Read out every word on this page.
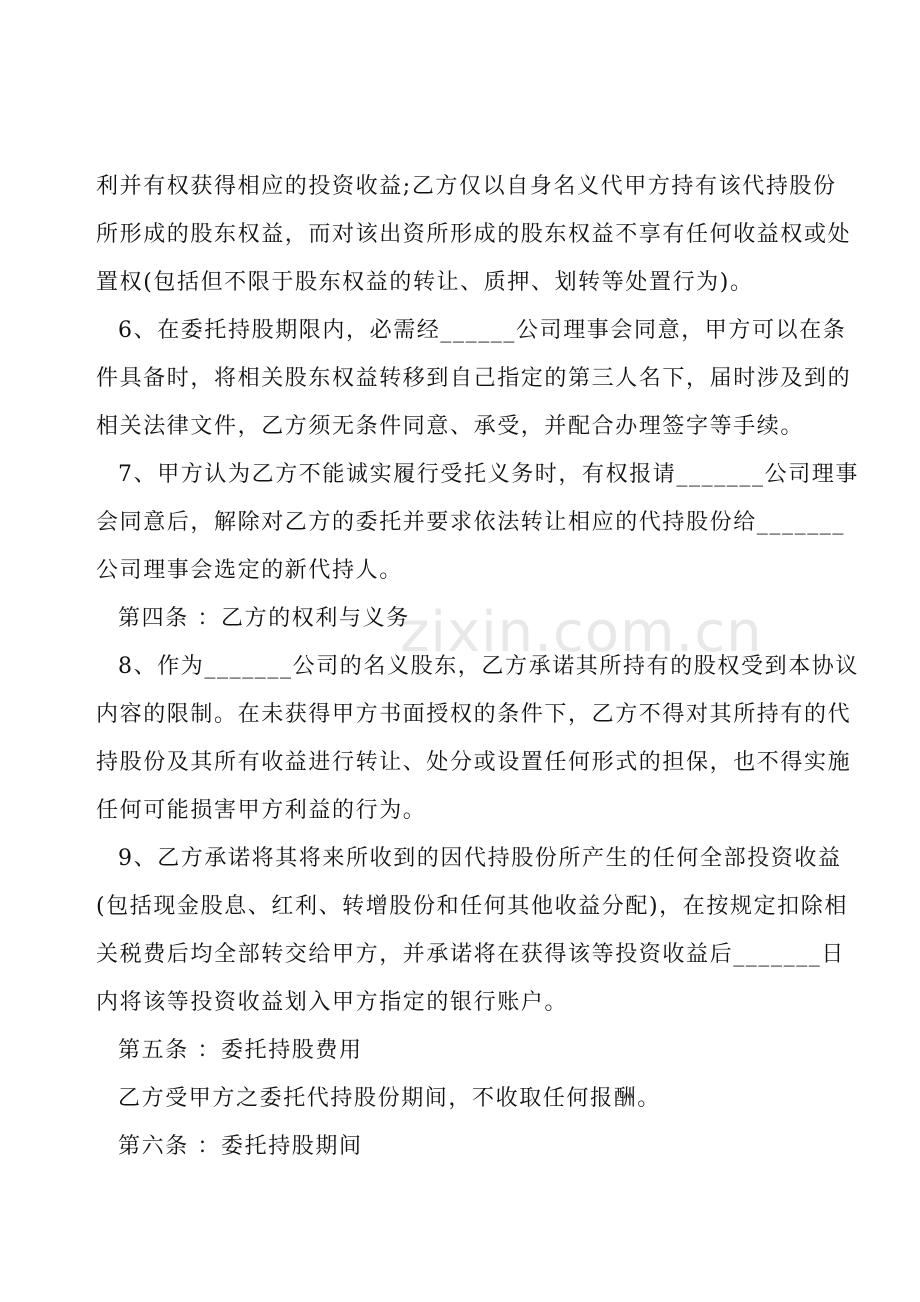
利并有权获得相应的投资收益;乙方仅以自身名义代甲方持有该代持股份
所形成的股东权益，而对该出资所形成的股东权益不享有任何收益权或处
置权(包括但不限于股东权益的转让、质押、划转等处置行为)。
6、在委托持股期限内，必需经______公司理事会同意，甲方可以在条
件具备时，将相关股东权益转移到自己指定的第三人名下，届时涉及到的
相关法律文件，乙方须无条件同意、承受，并配合办理签字等手续。
7、甲方认为乙方不能诚实履行受托义务时，有权报请_______公司理事
会同意后，解除对乙方的委托并要求依法转让相应的代持股份给_______
公司理事会选定的新代持人。
第四条 ：乙方的权利与义务
8、作为_______公司的名义股东，乙方承诺其所持有的股权受到本协议
内容的限制。在未获得甲方书面授权的条件下，乙方不得对其所持有的代
持股份及其所有收益进行转让、处分或设置任何形式的担保，也不得实施
任何可能损害甲方利益的行为。
9、乙方承诺将其将来所收到的因代持股份所产生的任何全部投资收益
(包括现金股息、红利、转增股份和任何其他收益分配)，在按规定扣除相
关税费后均全部转交给甲方，并承诺将在获得该等投资收益后_______日
内将该等投资收益划入甲方指定的银行账户。
第五条 ：委托持股费用
乙方受甲方之委托代持股份期间，不收取任何报酬。
第六条 ：委托持股期间
zixin.com.cn
